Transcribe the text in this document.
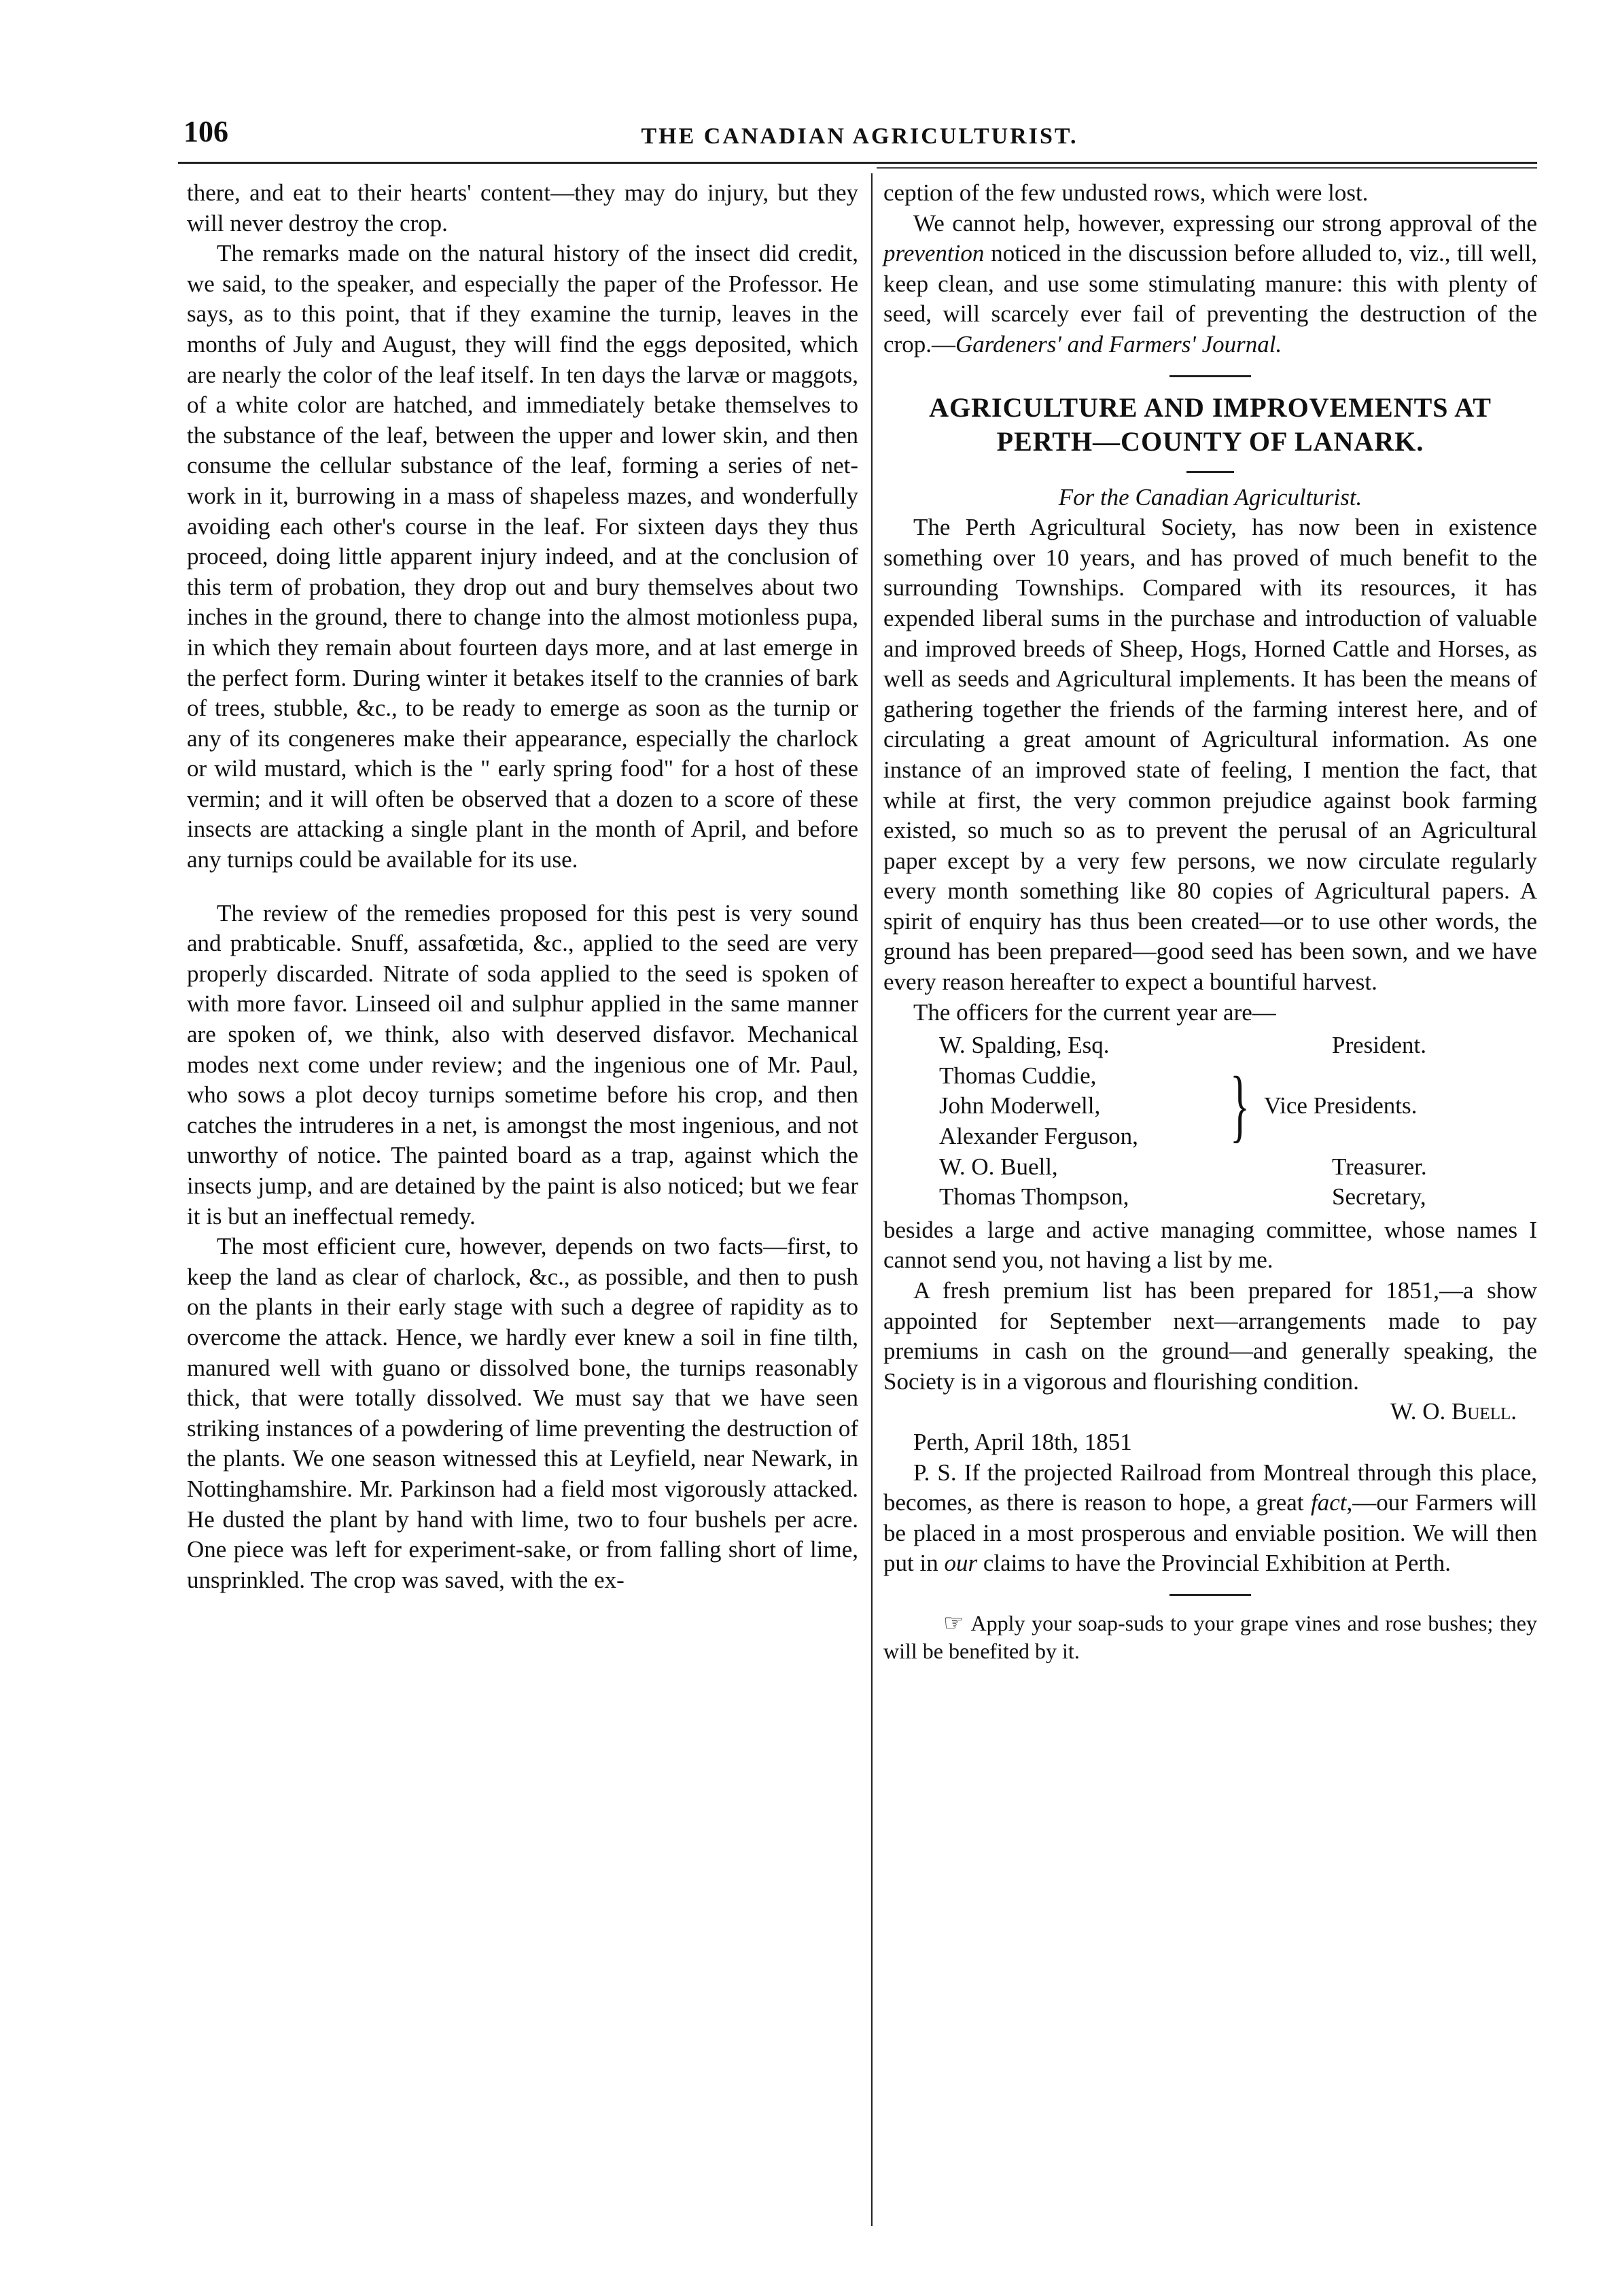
106	THE CANADIAN AGRICULTURIST.

there, and eat to their hearts' content—they may do injury, but they will never destroy the crop.

The remarks made on the natural history of the insect did credit, we said, to the speaker, and especially the paper of the Professor. He says, as to this point, that if they examine the turnip, leaves in the months of July and August, they will find the eggs deposited, which are nearly the color of the leaf itself. In ten days the larvæ or maggots, of a white color are hatched, and immediately betake themselves to the substance of the leaf, between the upper and lower skin, and then consume the cellular substance of the leaf, forming a series of net-work in it, burrowing in a mass of shapeless mazes, and wonderfully avoiding each other's course in the leaf. For sixteen days they thus proceed, doing little apparent injury indeed, and at the conclusion of this term of probation, they drop out and bury themselves about two inches in the ground, there to change into the almost motionless pupa, in which they remain about fourteen days more, and at last emerge in the perfect form. During winter it betakes itself to the crannies of bark of trees, stubble, &c., to be ready to emerge as soon as the turnip or any of its congeneres make their appearance, especially the charlock or wild mustard, which is the " early spring food" for a host of these vermin; and it will often be observed that a dozen to a score of these insects are attacking a single plant in the month of April, and before any turnips could be available for its use.

The review of the remedies proposed for this pest is very sound and prabticable. Snuff, assafœtida, &c., applied to the seed are very properly discarded. Nitrate of soda applied to the seed is spoken of with more favor. Linseed oil and sulphur applied in the same manner are spoken of, we think, also with deserved disfavor. Mechanical modes next come under review; and the ingenious one of Mr. Paul, who sows a plot decoy turnips sometime before his crop, and then catches the intruderes in a net, is amongst the most ingenious, and not unworthy of notice. The painted board as a trap, against which the insects jump, and are detained by the paint is also noticed; but we fear it is but an ineffectual remedy.

The most efficient cure, however, depends on two facts—first, to keep the land as clear of charlock, &c., as possible, and then to push on the plants in their early stage with such a degree of rapidity as to overcome the attack. Hence, we hardly ever knew a soil in fine tilth, manured well with guano or dissolved bone, the turnips reasonably thick, that were totally dissolved. We must say that we have seen striking instances of a powdering of lime preventing the destruction of the plants. We one season witnessed this at Leyfield, near Newark, in Nottinghamshire. Mr. Parkinson had a field most vigorously attacked. He dusted the plant by hand with lime, two to four bushels per acre. One piece was left for experiment-sake, or from falling short of lime, unsprinkled. The crop was saved, with the ex-

ception of the few undusted rows, which were lost.

We cannot help, however, expressing our strong approval of the prevention noticed in the discussion before alluded to, viz., till well, keep clean, and use some stimulating manure: this with plenty of seed, will scarcely ever fail of preventing the destruction of the crop.—Gardeners' and Farmers' Journal.

AGRICULTURE AND IMPROVEMENTS AT
PERTH—COUNTY OF LANARK.

For the Canadian Agriculturist.

The Perth Agricultural Society, has now been in existence something over 10 years, and has proved of much benefit to the surrounding Townships. Compared with its resources, it has expended liberal sums in the purchase and introduction of valuable and improved breeds of Sheep, Hogs, Horned Cattle and Horses, as well as seeds and Agricultural implements. It has been the means of gathering together the friends of the farming interest here, and of circulating a great amount of Agricultural information. As one instance of an improved state of feeling, I mention the fact, that while at first, the very common prejudice against book farming existed, so much so as to prevent the perusal of an Agricultural paper except by a very few persons, we now circulate regularly every month something like 80 copies of Agricultural papers. A spirit of enquiry has thus been created—or to use other words, the ground has been prepared—good seed has been sown, and we have every reason hereafter to expect a bountiful harvest.

The officers for the current year are—

W. Spalding, Esq.	President.
Thomas Cuddie,
John Moderwell,
Alexander Ferguson, } Vice Presidents.
W. O. Buell,	Treasurer.
Thomas Thompson,	Secretary,

besides a large and active managing committee, whose names I cannot send you, not having a list by me.

A fresh premium list has been prepared for 1851,—a show appointed for September next—arrangements made to pay premiums in cash on the ground—and generally speaking, the Society is in a vigorous and flourishing condition.

W. O. Buell.

Perth, April 18th, 1851

P. S. If the projected Railroad from Montreal through this place, becomes, as there is reason to hope, a great fact,—our Farmers will be placed in a most prosperous and enviable position. We will then put in our claims to have the Provincial Exhibition at Perth.

☞ Apply your soap-suds to your grape vines and rose bushes; they will be benefited by it.
